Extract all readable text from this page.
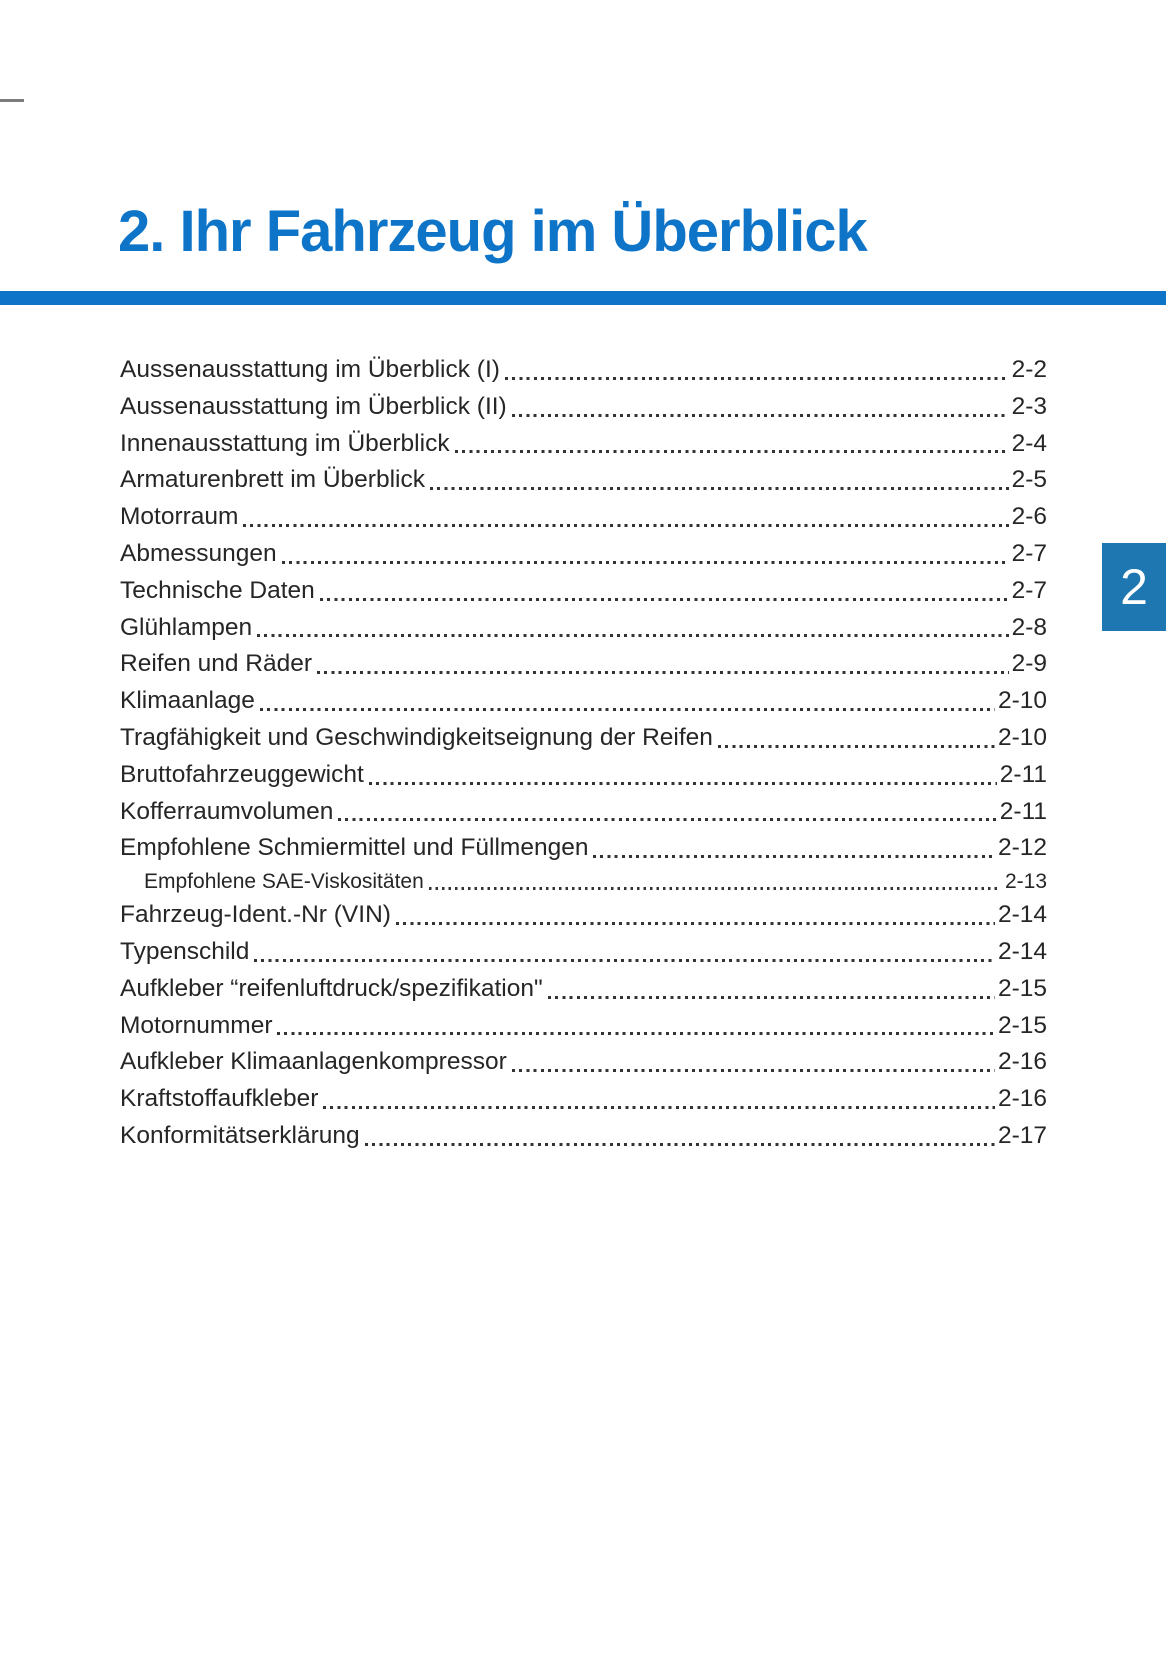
2. Ihr Fahrzeug im Überblick
Aussenausstattung im Überblick (I)	2-2
Aussenausstattung im Überblick (II)	2-3
Innenausstattung im Überblick	2-4
Armaturenbrett im Überblick	2-5
Motorraum	2-6
Abmessungen	2-7
Technische Daten	2-7
Glühlampen	2-8
Reifen und Räder	2-9
Klimaanlage	2-10
Tragfähigkeit und Geschwindigkeitseignung der Reifen	2-10
Bruttofahrzeuggewicht	2-11
Kofferraumvolumen	2-11
Empfohlene Schmiermittel und Füllmengen	2-12
Empfohlene SAE-Viskositäten	2-13
Fahrzeug-Ident.-Nr (VIN)	2-14
Typenschild	2-14
Aufkleber “reifenluftdruck/spezifikation"	2-15
Motornummer	2-15
Aufkleber Klimaanlagenkompressor	2-16
Kraftstoffaufkleber	2-16
Konformitätserklärung	2-17
2
